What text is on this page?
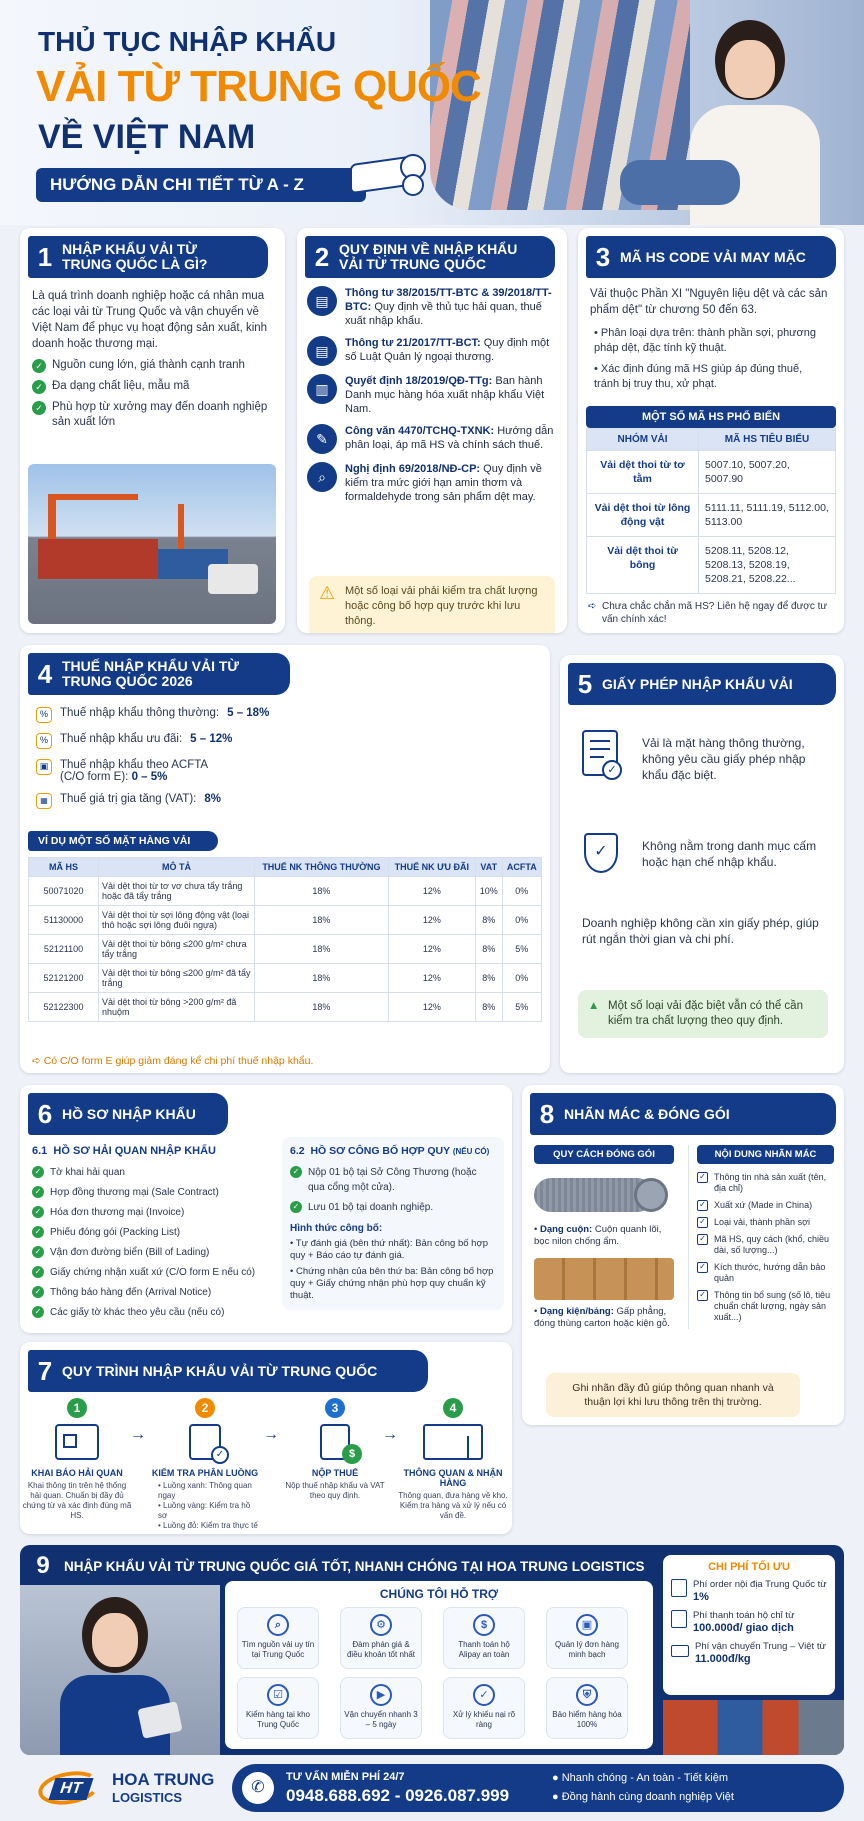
THỦ TỤC NHẬP KHẨU
VẢI TỪ TRUNG QUỐC
VỀ VIỆT NAM
HƯỚNG DẪN CHI TIẾT TỪ A - Z
1 NHẬP KHẨU VẢI TỪ TRUNG QUỐC LÀ GÌ?
Là quá trình doanh nghiệp hoặc cá nhân mua các loại vải từ Trung Quốc và vận chuyển về Việt Nam để phục vụ hoạt động sản xuất, kinh doanh hoặc thương mại.
✓ Nguồn cung lớn, giá thành cạnh tranh
✓ Đa dạng chất liệu, mẫu mã
✓ Phù hợp từ xưởng may đến doanh nghiệp sản xuất lớn
2 QUY ĐỊNH VỀ NHẬP KHẨU VẢI TỪ TRUNG QUỐC
▤	Thông tư 38/2015/TT-BTC & 39/2018/TT-BTC: Quy định về thủ tục hải quan, thuế xuất nhập khẩu.
▤	Thông tư 21/2017/TT-BCT: Quy định một số Luật Quản lý ngoại thương.
▥	Quyết định 18/2019/QĐ-TTg: Ban hành Danh mục hàng hóa xuất nhập khẩu Việt Nam.
✎	Công văn 4470/TCHQ-TXNK: Hướng dẫn phân loại, áp mã HS và chính sách thuế.
⌕	Nghị định 69/2018/NĐ-CP: Quy định về kiểm tra mức giới hạn amin thơm và formaldehyde trong sản phẩm dệt may.
⚠ Một số loại vải phải kiểm tra chất lượng hoặc công bố hợp quy trước khi lưu thông.
3 MÃ HS CODE VẢI MAY MẶC
Vải thuộc Phần XI "Nguyên liệu dệt và các sản phẩm dệt" từ chương 50 đến 63.
• Phân loại dựa trên: thành phần sợi, phương pháp dệt, đặc tính kỹ thuật.
• Xác định đúng mã HS giúp áp đúng thuế, tránh bị truy thu, xử phạt.
MỘT SỐ MÃ HS PHỔ BIẾN
NHÓM VẢI	MÃ HS TIÊU BIỂU
Vải dệt thoi từ tơ tằm	5007.10, 5007.20, 5007.90
Vải dệt thoi từ lông động vật	5111.11, 5111.19, 5112.00, 5113.00
Vải dệt thoi từ bông	5208.11, 5208.12, 5208.13, 5208.19, 5208.21, 5208.22...
➪ Chưa chắc chắn mã HS? Liên hệ ngay để được tư vấn chính xác!
4 THUẾ NHẬP KHẨU VẢI TỪ TRUNG QUỐC 2026
%	Thuế nhập khẩu thông thường: 5 – 18%
%	Thuế nhập khẩu ưu đãi: 5 – 12%
▣	Thuế nhập khẩu theo ACFTA (C/O form E): 0 – 5%
▦	Thuế giá trị gia tăng (VAT): 8%
VÍ DỤ MỘT SỐ MẶT HÀNG VẢI
MÃ HS	MÔ TẢ	THUẾ NK THÔNG THƯỜNG	THUẾ NK ƯU ĐÃI	VAT	ACFTA
50071020	Vải dệt thoi từ tơ vơ chưa tẩy trắng hoặc đã tẩy trắng	18%	12%	10%	0%
51130000	Vải dệt thoi từ sợi lông động vật (loại thô hoặc sợi lông đuôi ngựa)	18%	12%	8%	0%
52121100	Vải dệt thoi từ bông ≤200 g/m² chưa tẩy trắng	18%	12%	8%	5%
52121200	Vải dệt thoi từ bông ≤200 g/m² đã tẩy trắng	18%	12%	8%	0%
52122300	Vải dệt thoi từ bông >200 g/m² đã nhuộm	18%	12%	8%	5%
➪ Có C/O form E giúp giảm đáng kể chi phí thuế nhập khẩu.
5 GIẤY PHÉP NHẬP KHẨU VẢI
✓
Vải là mặt hàng thông thường, không yêu cầu giấy phép nhập khẩu đặc biệt.
✓	Không nằm trong danh mục cấm hoặc hạn chế nhập khẩu.
Doanh nghiệp không cần xin giấy phép, giúp rút ngắn thời gian và chi phí.
▲ Một số loại vải đặc biệt vẫn có thể cần kiểm tra chất lượng theo quy định.
6 HỒ SƠ NHẬP KHẨU
6.1 HỒ SƠ HẢI QUAN NHẬP KHẨU
✓ Tờ khai hải quan
✓ Hợp đồng thương mại (Sale Contract)
✓ Hóa đơn thương mại (Invoice)
✓ Phiếu đóng gói (Packing List)
✓ Vận đơn đường biển (Bill of Lading)
✓ Giấy chứng nhận xuất xứ (C/O form E nếu có)
✓ Thông báo hàng đến (Arrival Notice)
✓ Các giấy tờ khác theo yêu cầu (nếu có)
6.2 HỒ SƠ CÔNG BỐ HỢP QUY (NẾU CÓ)
✓ Nộp 01 bộ tại Sở Công Thương (hoặc qua cổng một cửa).
✓ Lưu 01 bộ tại doanh nghiệp.
Hình thức công bố:
• Tự đánh giá (bên thứ nhất): Bản công bố hợp quy + Báo cáo tự đánh giá.
• Chứng nhận của bên thứ ba: Bản công bố hợp quy + Giấy chứng nhận phù hợp quy chuẩn kỹ thuật.
8 NHÃN MÁC & ĐÓNG GÓI
QUY CÁCH ĐÓNG GÓI
• Dạng cuộn: Cuộn quanh lõi, bọc nilon chống ẩm.
• Dạng kiện/bảng: Gấp phẳng, đóng thùng carton hoặc kiện gỗ.
NỘI DUNG NHÃN MÁC
✓ Thông tin nhà sản xuất (tên, địa chỉ)
✓ Xuất xứ (Made in China)
✓ Loại vải, thành phần sợi
✓ Mã HS, quy cách (khổ, chiều dài, số lượng...)
✓ Kích thước, hướng dẫn bảo quản
✓ Thông tin bổ sung (số lô, tiêu chuẩn chất lượng, ngày sản xuất...)
Ghi nhãn đầy đủ giúp thông quan nhanh và thuận lợi khi lưu thông trên thị trường.
7 QUY TRÌNH NHẬP KHẨU VẢI TỪ TRUNG QUỐC
1
KHAI BÁO HẢI QUAN
Khai thông tin trên hệ thống hải quan. Chuẩn bị đầy đủ chứng từ và xác định đúng mã HS.
→
2
✓
KIỂM TRA PHÂN LUỒNG
• Luồng xanh: Thông quan ngay
• Luồng vàng: Kiểm tra hồ sơ
• Luồng đỏ: Kiểm tra thực tế
→
3
$
NỘP THUẾ
Nộp thuế nhập khẩu và VAT theo quy định.
→
4
THÔNG QUAN & NHẬN HÀNG
Thông quan, đưa hàng về kho. Kiểm tra hàng và xử lý nếu có vấn đề.
9	NHẬP KHẨU VẢI TỪ TRUNG QUỐC GIÁ TỐT, NHANH CHÓNG TẠI HOA TRUNG LOGISTICS
CHÚNG TÔI HỖ TRỢ
⌕
Tìm nguồn vải uy tín tại Trung Quốc
⚙
Đàm phán giá & điều khoản tốt nhất
$
Thanh toán hộ Alipay an toàn
▣
Quản lý đơn hàng minh bạch
☑
Kiểm hàng tại kho Trung Quốc
▶
Vận chuyển nhanh 3 – 5 ngày
✓
Xử lý khiếu nại rõ ràng
⛨
Bảo hiểm hàng hóa 100%
CHI PHÍ TỐI ƯU
Phí order nội địa Trung Quốc từ 1%
Phí thanh toán hộ chỉ từ 100.000đ/ giao dịch
Phí vận chuyển Trung – Việt từ 11.000đ/kg
HT	HOA TRUNG
LOGISTICS
✆
TƯ VẤN MIỄN PHÍ 24/7
0948.688.692 - 0926.087.999
● Nhanh chóng - An toàn - Tiết kiệm
● Đồng hành cùng doanh nghiệp Việt
